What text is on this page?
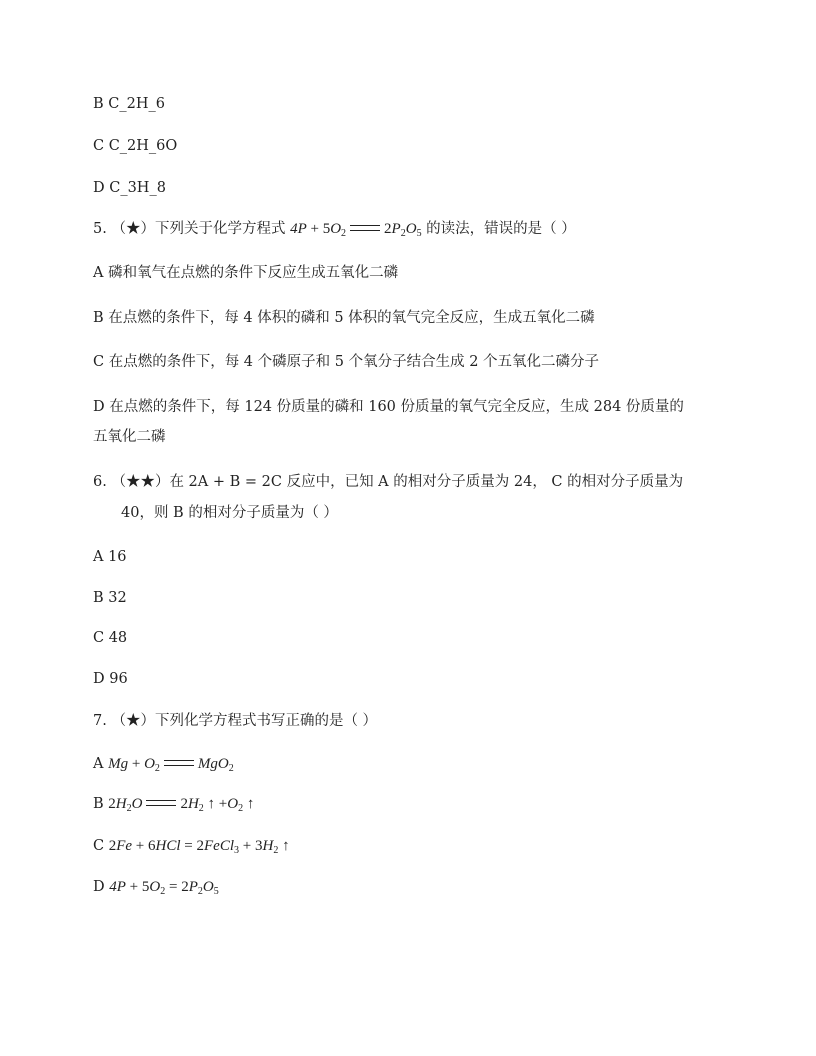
B C_2H_6
C C_2H_6O
D C_3H_8
5. （★）下列关于化学方程式 $4P + 5O_2$	$2P_2O_5$ 的读法，错误的是（ ）
A 磷和氧气在点燃的条件下反应生成五氧化二磷
B 在点燃的条件下，每 4 体积的磷和 5 体积的氧气完全反应，生成五氧化二磷
C 在点燃的条件下，每 4 个磷原子和 5 个氧分子结合生成 2 个五氧化二磷分子
D 在点燃的条件下，每 124 份质量的磷和 160 份质量的氧气完全反应，生成 284 份质量的
五氧化二磷
6. （★★）在 2A + B = 2C 反应中，已知 A 的相对分子质量为 24， C 的相对分子质量为
40，则 B 的相对分子质量为（ ）
A 16
B 32
C 48
D 96
7. （★）下列化学方程式书写正确的是（ ）
A $Mg + O_2$	MgO$_2$
B $2H_2O$	$2H_2$ ↑ $+O_2$ ↑
C 2Fe + 6HCl = 2FeCl$_3$ + $3H_2$ ↑
D $4P + 5O_2 = 2P_2O_5$
